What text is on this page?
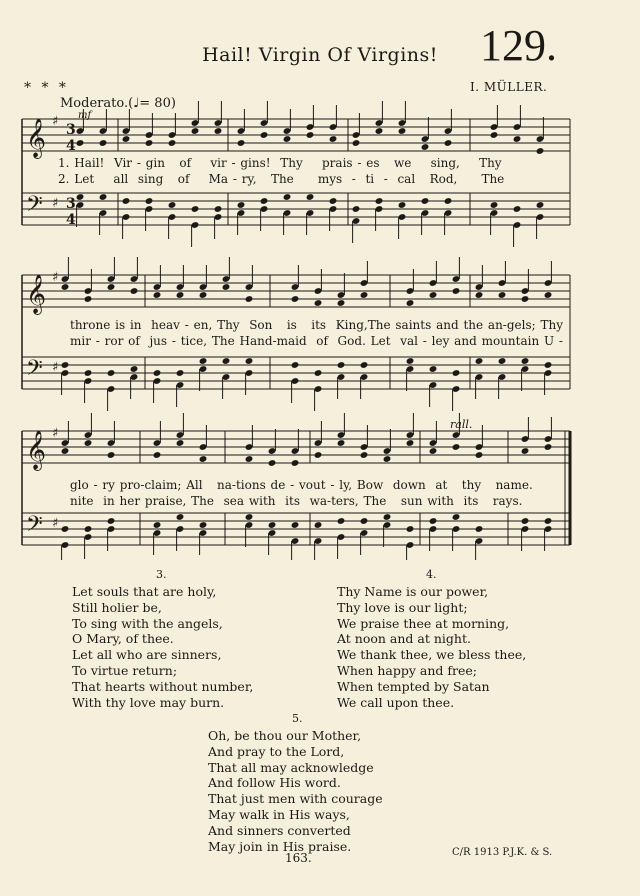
129.
Hail! Virgin Of Virgins!
* * *	I. MÜLLER.
Moderato.(♩= 80)
mf
rall.
𝄞 ♯
3
4
𝄢 ♯ 3
4
𝄞 ♯
𝄢 ♯
𝄞 ♯
𝄢 ♯
1. Hail!  Vir - gin   of    vir - gins!  Thy    prais - es   we    sing,    Thy
2. Let    all  sing   of    Ma - ry,   The     mys  -  ti  -  cal   Rod,     The
throne is in  heav - en, Thy  Son   is   its  King,The saints and the an-gels; Thy
mir - ror of  jus - tice, The Hand-maid  of  God. Let  val - ley and mountain U -
glo - ry pro-claim; All   na-tions de - vout - ly, Bow  down  at   thy   name.
nite  in her praise, The  sea with  its  wa-ters, The   sun with  its   rays.
3.
Let souls that are holy,
Still holier be,
To sing with the angels,
O Mary, of thee.
Let all who are sinners,
To virtue return;
That hearts without number,
With thy love may burn.
4.
Thy Name is our power,
Thy love is our light;
We praise thee at morning,
At noon and at night.
We thank thee, we bless thee,
When happy and free;
When tempted by Satan
We call upon thee.
5.
Oh, be thou our Mother,
And pray to the Lord,
That all may acknowledge
And follow His word.
That just men with courage
May walk in His ways,
And sinners converted
May join in His praise.
163.	C/R 1913 P.J.K. & S.
